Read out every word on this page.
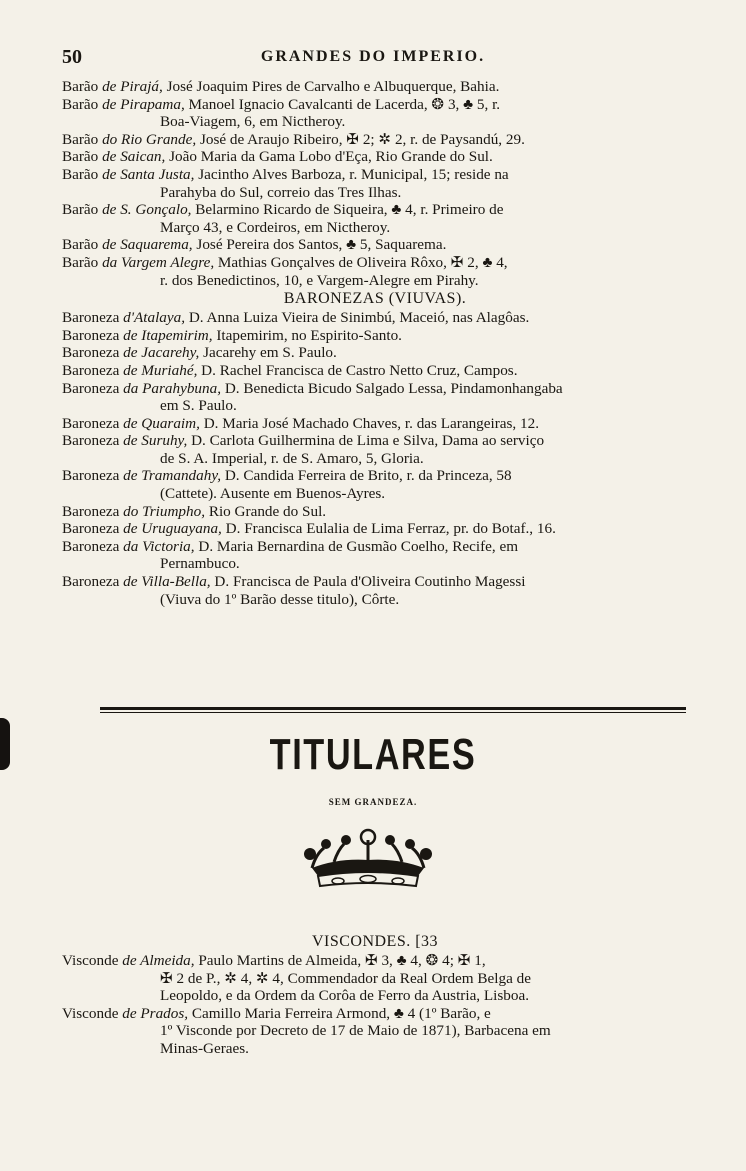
50	GRANDES DO IMPERIO.
Barão de Pirajá, José Joaquim Pires de Carvalho e Albuquerque, Bahia.
Barão de Pirapama, Manoel Ignacio Cavalcanti de Lacerda, ❂ 3, ♣ 5, r.
Boa-Viagem, 6, em Nictheroy.
Barão do Rio Grande, José de Araujo Ribeiro, ✠ 2; ✲ 2, r. de Paysandú, 29.
Barão de Saican, João Maria da Gama Lobo d'Eça, Rio Grande do Sul.
Barão de Santa Justa, Jacintho Alves Barboza, r. Municipal, 15; reside na
Parahyba do Sul, correio das Tres Ilhas.
Barão de S. Gonçalo, Belarmino Ricardo de Siqueira, ♣ 4, r. Primeiro de
Março 43, e Cordeiros, em Nictheroy.
Barão de Saquarema, José Pereira dos Santos, ♣ 5, Saquarema.
Barão da Vargem Alegre, Mathias Gonçalves de Oliveira Rôxo, ✠ 2, ♣ 4,
r. dos Benedictinos, 10, e Vargem-Alegre em Pirahy.
BARONEZAS (VIUVAS).
Baroneza d'Atalaya, D. Anna Luiza Vieira de Sinimbú, Maceió, nas Alagôas.
Baroneza de Itapemirim, Itapemirim, no Espirito-Santo.
Baroneza de Jacarehy, Jacarehy em S. Paulo.
Baroneza de Muriahé, D. Rachel Francisca de Castro Netto Cruz, Campos.
Baroneza da Parahybuna, D. Benedicta Bicudo Salgado Lessa, Pindamonhangaba
em S. Paulo.
Baroneza de Quaraim, D. Maria José Machado Chaves, r. das Larangeiras, 12.
Baroneza de Suruhy, D. Carlota Guilhermina de Lima e Silva, Dama ao serviço
de S. A. Imperial, r. de S. Amaro, 5, Gloria.
Baroneza de Tramandahy, D. Candida Ferreira de Brito, r. da Princeza, 58
(Cattete). Ausente em Buenos-Ayres.
Baroneza do Triumpho, Rio Grande do Sul.
Baroneza de Uruguayana, D. Francisca Eulalia de Lima Ferraz, pr. do Botaf., 16.
Baroneza da Victoria, D. Maria Bernardina de Gusmão Coelho, Recife, em
Pernambuco.
Baroneza de Villa-Bella, D. Francisca de Paula d'Oliveira Coutinho Magessi
(Viuva do 1º Barão desse titulo), Côrte.
TITULARES
SEM GRANDEZA.
VISCONDES. [33
Visconde de Almeida, Paulo Martins de Almeida, ✠ 3, ♣ 4, ❂ 4; ✠ 1,
✠ 2 de P., ✲ 4, ✲ 4, Commendador da Real Ordem Belga de
Leopoldo, e da Ordem da Corôa de Ferro da Austria, Lisboa.
Visconde de Prados, Camillo Maria Ferreira Armond, ♣ 4 (1º Barão, e
1º Visconde por Decreto de 17 de Maio de 1871), Barbacena em
Minas-Geraes.
